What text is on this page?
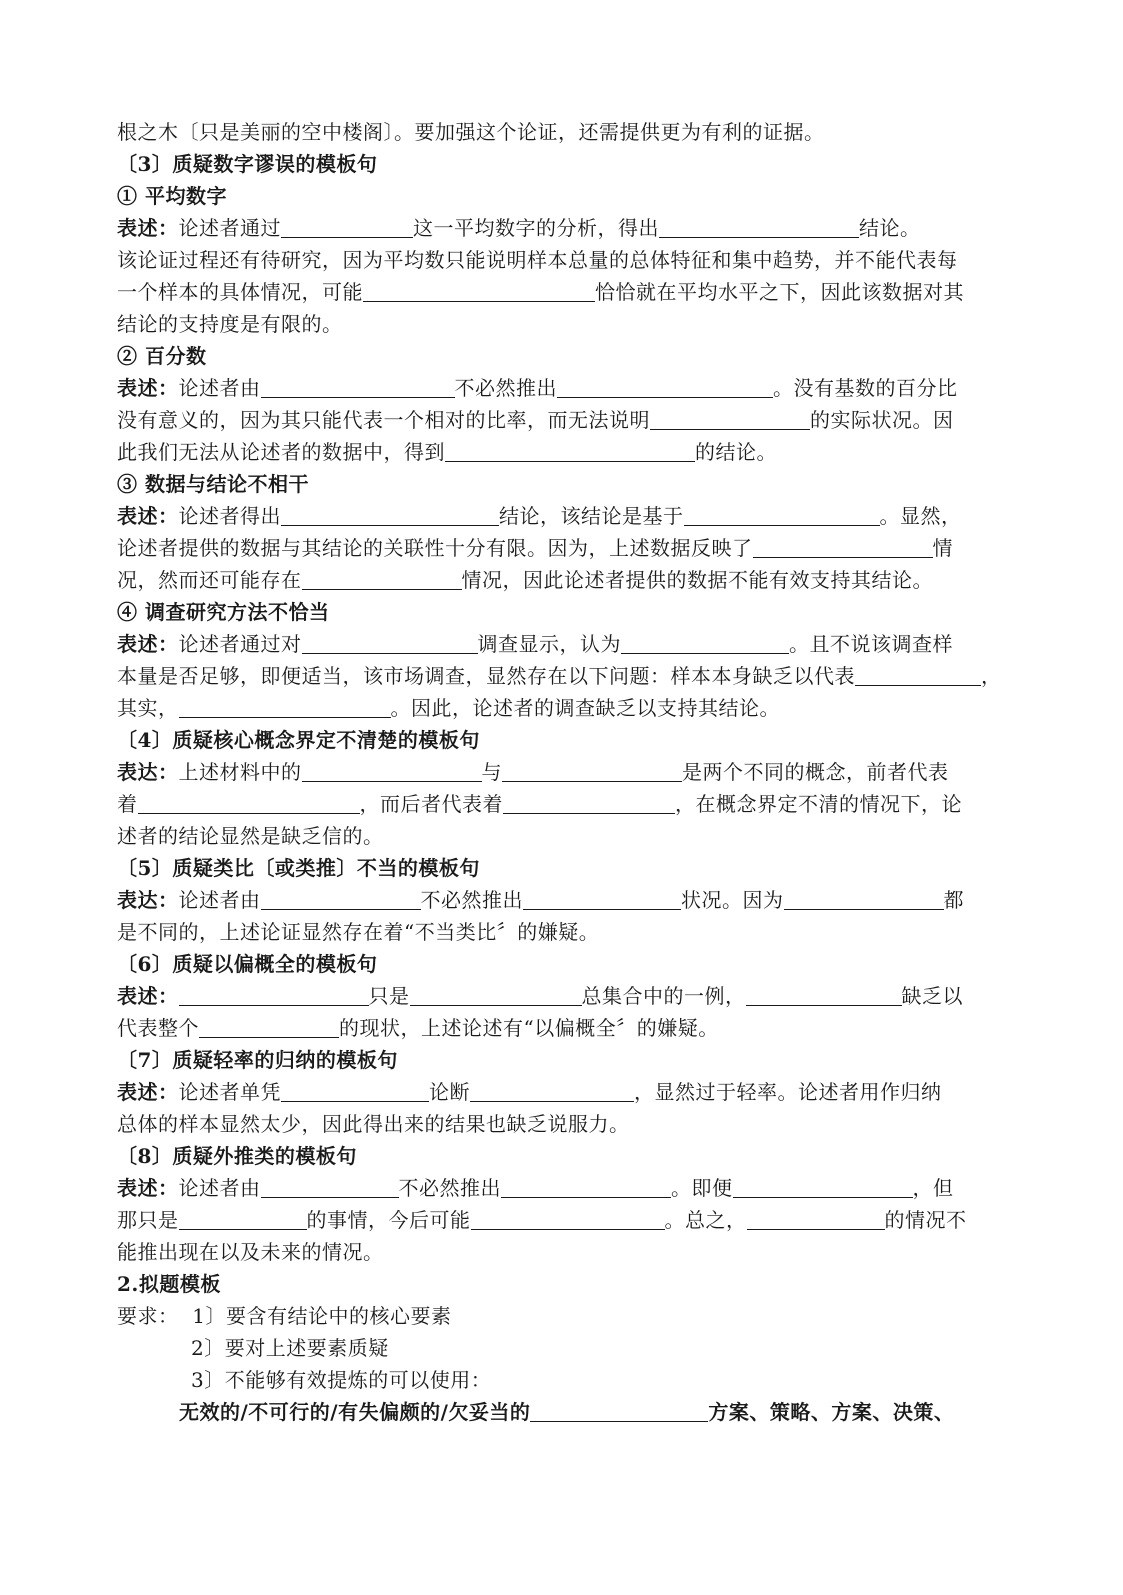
根之木〔只是美丽的空中楼阁〕。要加强这个论证，还需提供更为有利的证据。
〔3〕质疑数字谬误的模板句
① 平均数字
表述：论述者通过	这一平均数字的分析，得出	结论。
该论证过程还有待研究，因为平均数只能说明样本总量的总体特征和集中趋势，并不能代表每
一个样本的具体情况，可能	恰恰就在平均水平之下，因此该数据对其
结论的支持度是有限的。
② 百分数
表述：论述者由	不必然推出	。没有基数的百分比
没有意义的，因为其只能代表一个相对的比率，而无法说明	的实际状况。因
此我们无法从论述者的数据中，得到	的结论。
③ 数据与结论不相干
表述：论述者得出	结论，该结论是基于	。显然，
论述者提供的数据与其结论的关联性十分有限。因为，上述数据反映了	情
况，然而还可能存在	情况，因此论述者提供的数据不能有效支持其结论。
④ 调查研究方法不恰当
表述：论述者通过对	调查显示，认为	。且不说该调查样
本量是否足够，即便适当，该市场调查，显然存在以下问题：样本本身缺乏以代表	，
其实，	。因此，论述者的调查缺乏以支持其结论。
〔4〕质疑核心概念界定不清楚的模板句
表达：上述材料中的	与	是两个不同的概念，前者代表
着	，而后者代表着	，在概念界定不清的情况下，论
述者的结论显然是缺乏信的。
〔5〕质疑类比〔或类推〕不当的模板句
表达：论述者由	不必然推出	状况。因为	都
是不同的，上述论证显然存在着“不当类比〞的嫌疑。
〔6〕质疑以偏概全的模板句
表述：	只是	总集合中的一例，	缺乏以
代表整个	的现状，上述论述有“以偏概全〞的嫌疑。
〔7〕质疑轻率的归纳的模板句
表述：论述者单凭	论断	，显然过于轻率。论述者用作归纳
总体的样本显然太少，因此得出来的结果也缺乏说服力。
〔8〕质疑外推类的模板句
表述：论述者由	不必然推出	。即便	，但
那只是	的事情，今后可能	。总之，	的情况不
能推出现在以及未来的情况。
2.拟题模板
要求： 1〕要含有结论中的核心要素
2〕要对上述要素质疑
3〕不能够有效提炼的可以使用：
无效的/不可行的/有失偏颇的/欠妥当的	方案、策略、方案、决策、
